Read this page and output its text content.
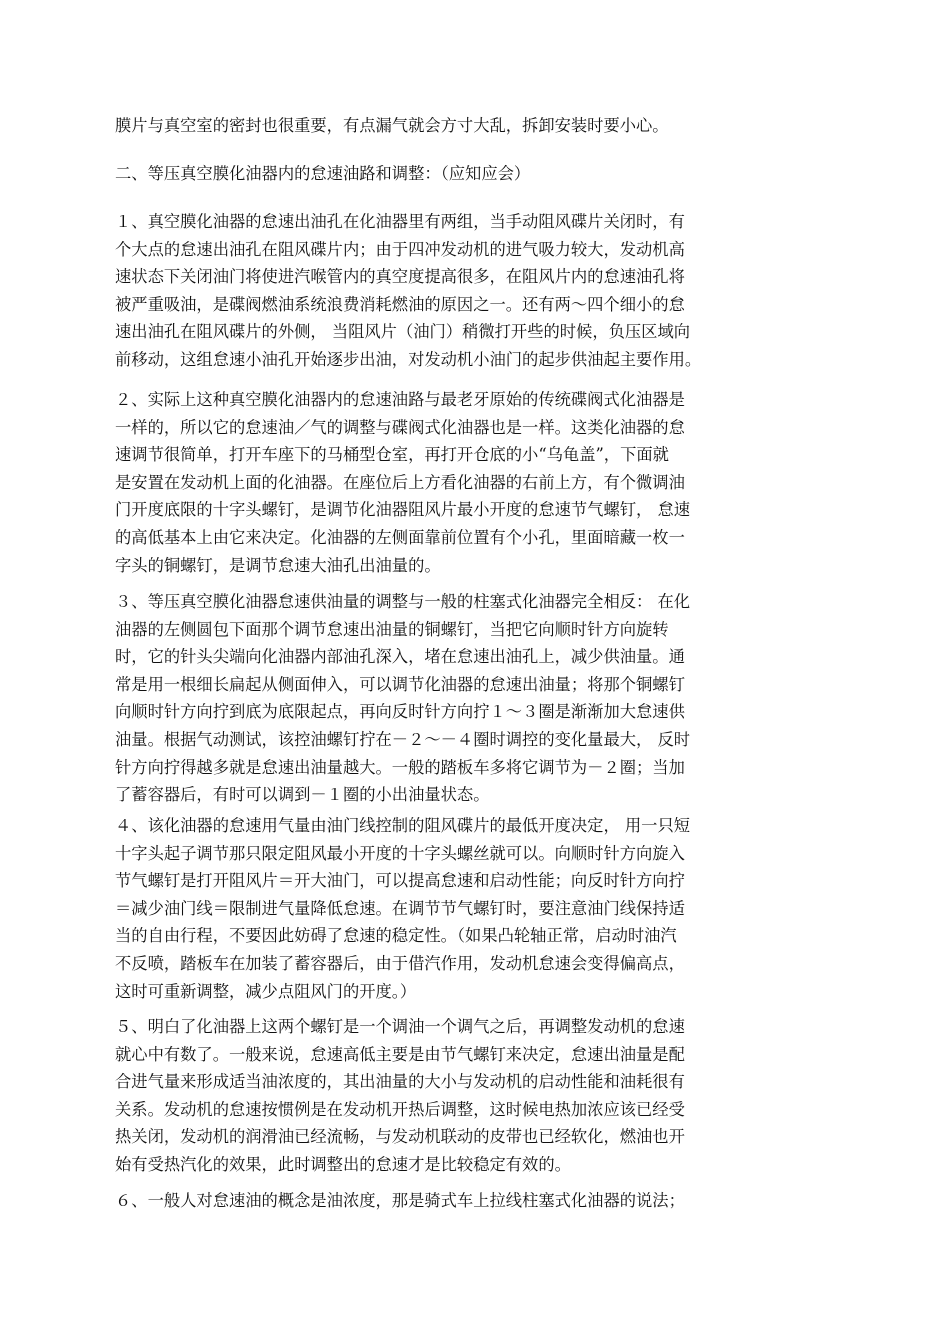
膜片与真空室的密封也很重要，有点漏气就会方寸大乱，拆卸安装时要小心。
二、等压真空膜化油器内的怠速油路和调整：（应知应会）
１、真空膜化油器的怠速出油孔在化油器里有两组，当手动阻风碟片关闭时，有
个大点的怠速出油孔在阻风碟片内；由于四冲发动机的进气吸力较大，发动机高
速状态下关闭油门将使进汽喉管内的真空度提高很多，在阻风片内的怠速油孔将
被严重吸油，是碟阀燃油系统浪费消耗燃油的原因之一。还有两～四个细小的怠
速出油孔在阻风碟片的外侧， 当阻风片（油门）稍微打开些的时候，负压区域向
前移动，这组怠速小油孔开始逐步出油，对发动机小油门的起步供油起主要作用。
２、实际上这种真空膜化油器内的怠速油路与最老牙原始的传统碟阀式化油器是
一样的，所以它的怠速油／气的调整与碟阀式化油器也是一样。这类化油器的怠
速调节很简单，打开车座下的马桶型仓室，再打开仓底的小“乌龟盖”，下面就
是安置在发动机上面的化油器。在座位后上方看化油器的右前上方，有个微调油
门开度底限的十字头螺钉，是调节化油器阻风片最小开度的怠速节气螺钉， 怠速
的高低基本上由它来决定。化油器的左侧面靠前位置有个小孔，里面暗藏一枚一
字头的铜螺钉，是调节怠速大油孔出油量的。
３、等压真空膜化油器怠速供油量的调整与一般的柱塞式化油器完全相反： 在化
油器的左侧圆包下面那个调节怠速出油量的铜螺钉，当把它向顺时针方向旋转
时，它的针头尖端向化油器内部油孔深入，堵在怠速出油孔上，减少供油量。通
常是用一根细长扁起从侧面伸入，可以调节化油器的怠速出油量；将那个铜螺钉
向顺时针方向拧到底为底限起点，再向反时针方向拧１～３圈是渐渐加大怠速供
油量。根据气动测试，该控油螺钉拧在－２～－４圈时调控的变化量最大， 反时
针方向拧得越多就是怠速出油量越大。一般的踏板车多将它调节为－２圈；当加
了蓄容器后，有时可以调到－１圈的小出油量状态。
４、该化油器的怠速用气量由油门线控制的阻风碟片的最低开度决定， 用一只短
十字头起子调节那只限定阻风最小开度的十字头螺丝就可以。向顺时针方向旋入
节气螺钉是打开阻风片＝开大油门，可以提高怠速和启动性能；向反时针方向拧
＝减少油门线＝限制进气量降低怠速。在调节节气螺钉时，要注意油门线保持适
当的自由行程，不要因此妨碍了怠速的稳定性。（如果凸轮轴正常，启动时油汽
不反喷，踏板车在加装了蓄容器后，由于借汽作用，发动机怠速会变得偏高点，
这时可重新调整，减少点阻风门的开度。）
５、明白了化油器上这两个螺钉是一个调油一个调气之后，再调整发动机的怠速
就心中有数了。一般来说，怠速高低主要是由节气螺钉来决定，怠速出油量是配
合进气量来形成适当油浓度的，其出油量的大小与发动机的启动性能和油耗很有
关系。发动机的怠速按惯例是在发动机开热后调整，这时候电热加浓应该已经受
热关闭，发动机的润滑油已经流畅，与发动机联动的皮带也已经软化，燃油也开
始有受热汽化的效果，此时调整出的怠速才是比较稳定有效的。
６、一般人对怠速油的概念是油浓度，那是骑式车上拉线柱塞式化油器的说法；
